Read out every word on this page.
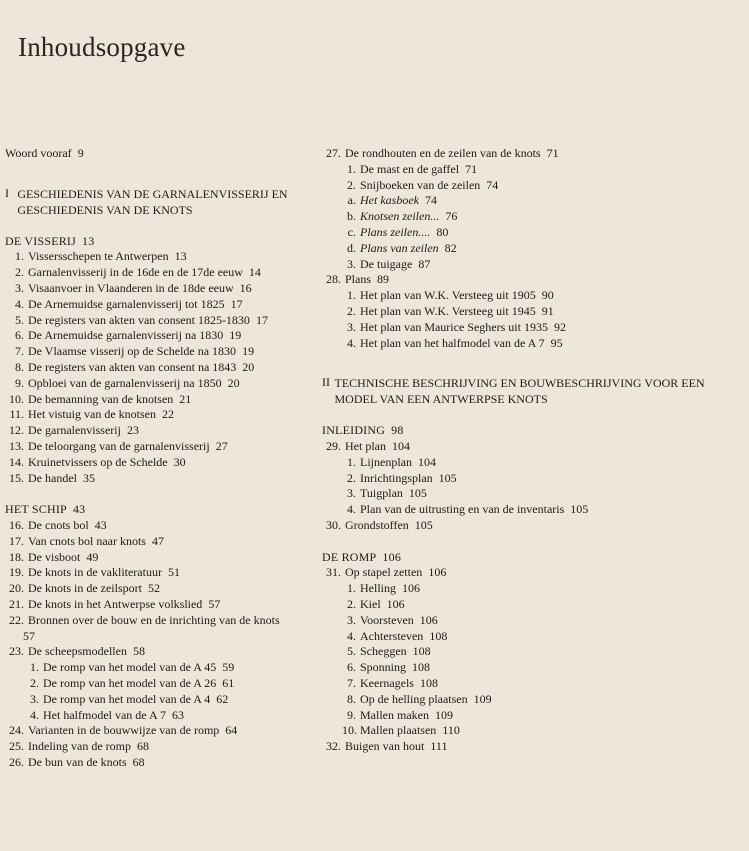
Inhoudsopgave
Woord vooraf 9
I GESCHIEDENIS VAN DE GARNALENVISSERIJ EN GESCHIEDENIS VAN DE KNOTS
DE VISSERIJ 13
1. Vissersschepen te Antwerpen 13
2. Garnalenvisserij in de 16de en de 17de eeuw 14
3. Visaanvoer in Vlaanderen in de 18de eeuw 16
4. De Arnemuidse garnalenvisserij tot 1825 17
5. De registers van akten van consent 1825-1830 17
6. De Arnemuidse garnalenvisserij na 1830 19
7. De Vlaamse visserij op de Schelde na 1830 19
8. De registers van akten van consent na 1843 20
9. Opbloei van de garnalenvisserij na 1850 20
10. De bemanning van de knotsen 21
11. Het vistuig van de knotsen 22
12. De garnalenvisserij 23
13. De teloorgang van de garnalenvisserij 27
14. Kruinetvissers op de Schelde 30
15. De handel 35
HET SCHIP 43
16. De cnots bol 43
17. Van cnots bol naar knots 47
18. De visboot 49
19. De knots in de vakliteratuur 51
20. De knots in de zeilsport 52
21. De knots in het Antwerpse volkslied 57
22. Bronnen over de bouw en de inrichting van de knots
57
23. De scheepsmodellen 58
1. De romp van het model van de A 45 59
2. De romp van het model van de A 26 61
3. De romp van het model van de A 4 62
4. Het halfmodel van de A 7 63
24. Varianten in de bouwwijze van de romp 64
25. Indeling van de romp 68
26. De bun van de knots 68
27. De rondhouten en de zeilen van de knots 71
1. De mast en de gaffel 71
2. Snijboeken van de zeilen 74
a. Het kasboek 74
b. Knotsen zeilen... 76
c. Plans zeilen.... 80
d. Plans van zeilen 82
3. De tuigage 87
28. Plans 89
1. Het plan van W.K. Versteeg uit 1905 90
2. Het plan van W.K. Versteeg uit 1945 91
3. Het plan van Maurice Seghers uit 1935 92
4. Het plan van het halfmodel van de A 7 95
II TECHNISCHE BESCHRIJVING EN BOUWBESCHRIJVING VOOR EEN MODEL VAN EEN ANTWERPSE KNOTS
INLEIDING 98
29. Het plan 104
1. Lijnenplan 104
2. Inrichtingsplan 105
3. Tuigplan 105
4. Plan van de uitrusting en van de inventaris 105
30. Grondstoffen 105
DE ROMP 106
31. Op stapel zetten 106
1. Helling 106
2. Kiel 106
3. Voorsteven 106
4. Achtersteven 108
5. Scheggen 108
6. Sponning 108
7. Keernagels 108
8. Op de helling plaatsen 109
9. Mallen maken 109
10. Mallen plaatsen 110
32. Buigen van hout 111
